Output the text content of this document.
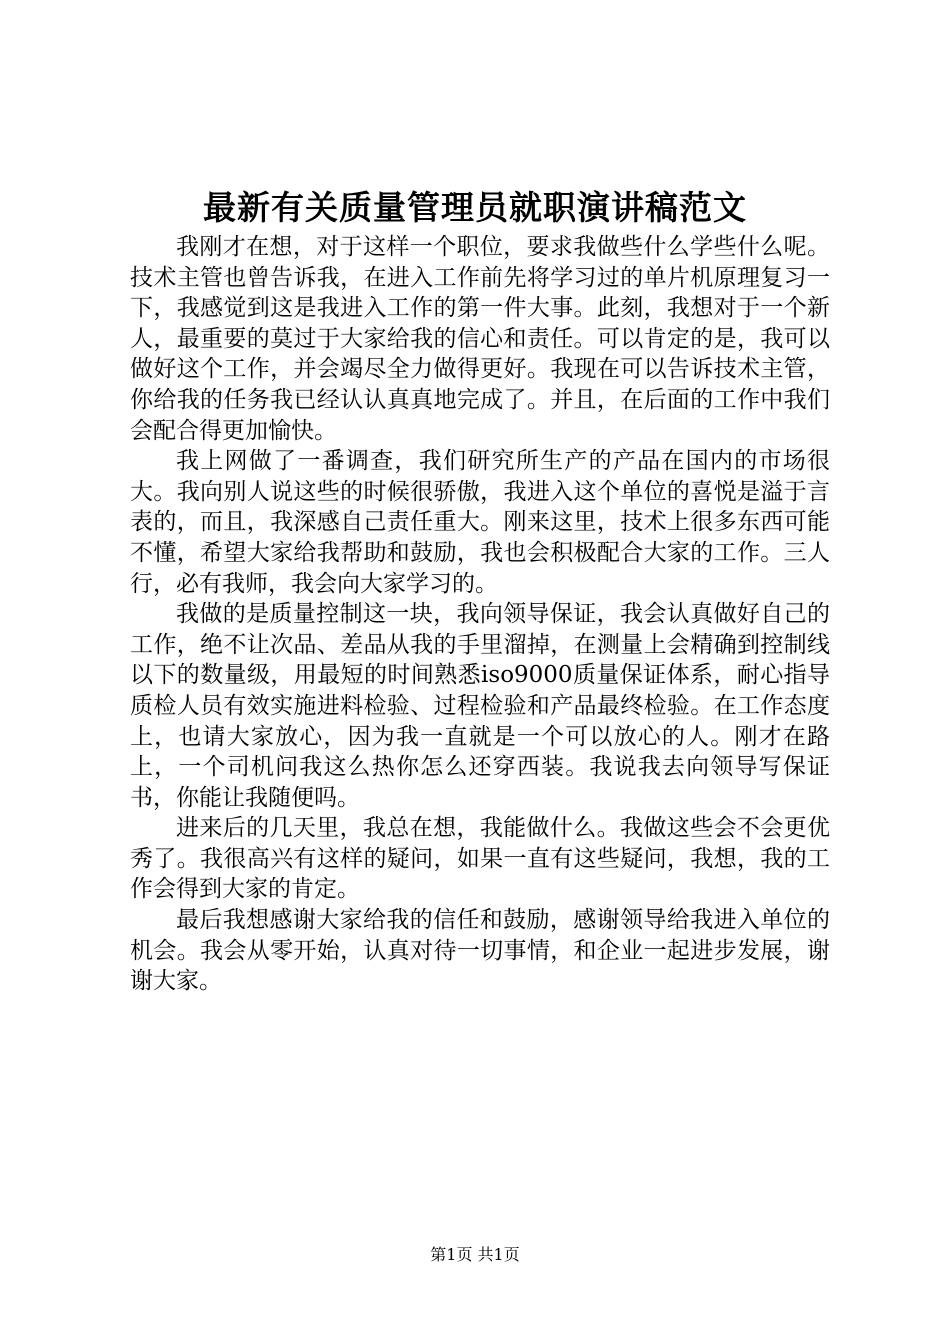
最新有关质量管理员就职演讲稿范文

我刚才在想，对于这样一个职位，要求我做些什么学些什么呢。技术主管也曾告诉我，在进入工作前先将学习过的单片机原理复习一下，我感觉到这是我进入工作的第一件大事。此刻，我想对于一个新人，最重要的莫过于大家给我的信心和责任。可以肯定的是，我可以做好这个工作，并会竭尽全力做得更好。我现在可以告诉技术主管，你给我的任务我已经认认真真地完成了。并且，在后面的工作中我们会配合得更加愉快。

我上网做了一番调查，我们研究所生产的产品在国内的市场很大。我向别人说这些的时候很骄傲，我进入这个单位的喜悦是溢于言表的，而且，我深感自己责任重大。刚来这里，技术上很多东西可能不懂，希望大家给我帮助和鼓励，我也会积极配合大家的工作。三人行，必有我师，我会向大家学习的。

我做的是质量控制这一块，我向领导保证，我会认真做好自己的工作，绝不让次品、差品从我的手里溜掉，在测量上会精确到控制线以下的数量级，用最短的时间熟悉iso9000质量保证体系，耐心指导质检人员有效实施进料检验、过程检验和产品最终检验。在工作态度上，也请大家放心，因为我一直就是一个可以放心的人。刚才在路上，一个司机问我这么热你怎么还穿西装。我说我去向领导写保证书，你能让我随便吗。

进来后的几天里，我总在想，我能做什么。我做这些会不会更优秀了。我很高兴有这样的疑问，如果一直有这些疑问，我想，我的工作会得到大家的肯定。

最后我想感谢大家给我的信任和鼓励，感谢领导给我进入单位的机会。我会从零开始，认真对待一切事情，和企业一起进步发展，谢谢大家。

第1页 共1页
